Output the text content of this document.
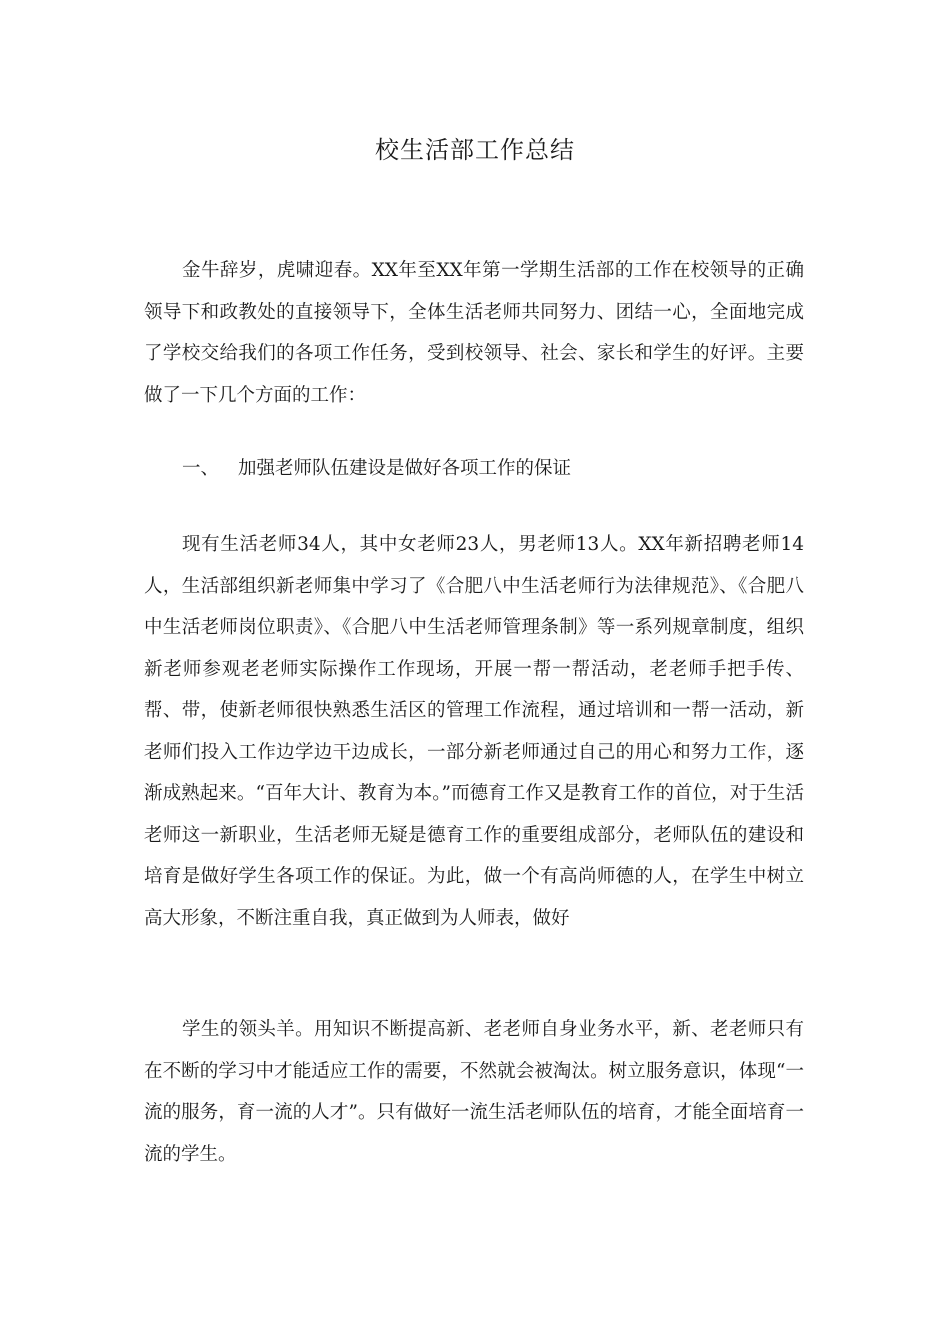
校生活部工作总结

金牛辞岁，虎啸迎春。XX年至XX年第一学期生活部的工作在校领导的正确领导下和政教处的直接领导下，全体生活老师共同努力、团结一心，全面地完成了学校交给我们的各项工作任务，受到校领导、社会、家长和学生的好评。主要做了一下几个方面的工作：

一、 加强老师队伍建设是做好各项工作的保证

现有生活老师34人，其中女老师23人，男老师13人。XX年新招聘老师14人，生活部组织新老师集中学习了《合肥八中生活老师行为法律规范》、《合肥八中生活老师岗位职责》、《合肥八中生活老师管理条制》等一系列规章制度，组织新老师参观老老师实际操作工作现场，开展一帮一帮活动，老老师手把手传、帮、带，使新老师很快熟悉生活区的管理工作流程，通过培训和一帮一活动，新老师们投入工作边学边干边成长，一部分新老师通过自己的用心和努力工作，逐渐成熟起来。“百年大计、教育为本。”而德育工作又是教育工作的首位，对于生活老师这一新职业，生活老师无疑是德育工作的重要组成部分，老师队伍的建设和培育是做好学生各项工作的保证。为此，做一个有高尚师德的人，在学生中树立高大形象，不断注重自我，真正做到为人师表，做好

学生的领头羊。用知识不断提高新、老老师自身业务水平，新、老老师只有在不断的学习中才能适应工作的需要，不然就会被淘汰。树立服务意识，体现“一流的服务，育一流的人才”。只有做好一流生活老师队伍的培育，才能全面培育一流的学生。
